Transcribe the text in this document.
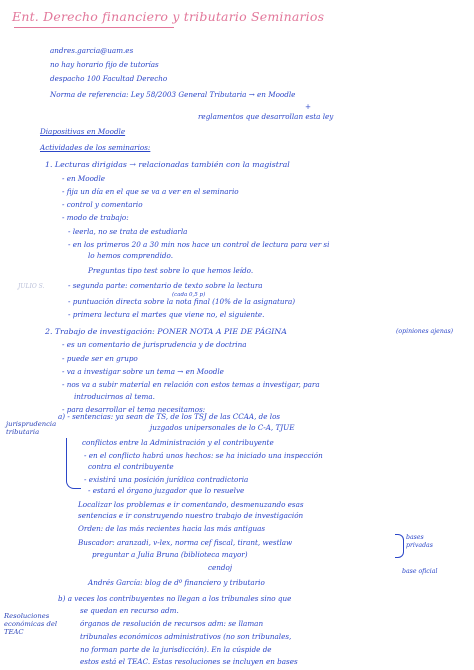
Ent. Derecho financiero y tributario Seminarios
andres.garcia@uam.es
no hay horario fijo de tutorías
despacho 100 Facultad Derecho
Norma de referencia: Ley 58/2003 General Tributaria → en Moodle
+
reglamentos que desarrollan esta ley
Diapositivas en Moodle
Actividades de los seminarios:
1. Lecturas dirigidas → relacionadas también con la magistral
- en Moodle
- fija un día en el que se va a ver en el seminario
- control y comentario
- modo de trabajo:
- leerla, no se trata de estudiarla
- en los primeros 20 a 30 min nos hace un control de lectura para ver si
lo hemos comprendido.
Preguntas tipo test sobre lo que hemos leído.
- segunda parte: comentario de texto sobre la lectura
JULIO S.
(cada 0,5 p)
- puntuación directa sobre la nota final (10% de la asignatura)
- primera lectura el martes que viene no, el siguiente.
2. Trabajo de investigación: PONER NOTA A PIE DE PÁGINA	(opiniones ajenas)
- es un comentario de jurisprudencia y de doctrina
- puede ser en grupo
- va a investigar sobre un tema → en Moodle
- nos va a subir material en relación con estos temas a investigar, para
introducirnos al tema.
- para desarrollar el tema necesitamos:
jurisprudencia tributaria
a) - sentencias: ya sean de TS, de los TSJ de las CCAA, de los
juzgados unipersonales de lo C-A, TJUE
conflictos entre la Administración y el contribuyente
- en el conflicto habrá unos hechos: se ha iniciado una inspección
contra el contribuyente
- existirá una posición jurídica contradictoria
- estará el órgano juzgador que lo resuelve
Localizar los problemas e ir comentando, desmenuzando esas
sentencias e ir construyendo nuestro trabajo de investigación
Orden: de las más recientes hacia las más antiguas
Buscador: aranzadi, v-lex, norma cef fiscal, tirant, westlaw
preguntar a Julia Bruna (biblioteca mayor)
bases privadas
cendoj	base oficial
Andrés García: blog de dº financiero y tributario
b) a veces los contribuyentes no llegan a los tribunales sino que
se quedan en recurso adm.
Resoluciones económicas del TEAC
órganos de resolución de recursos adm: se llaman
tribunales económicos administrativos (no son tribunales,
no forman parte de la jurisdicción). En la cúspide de
estos está el TEAC. Estas resoluciones se incluyen en bases
